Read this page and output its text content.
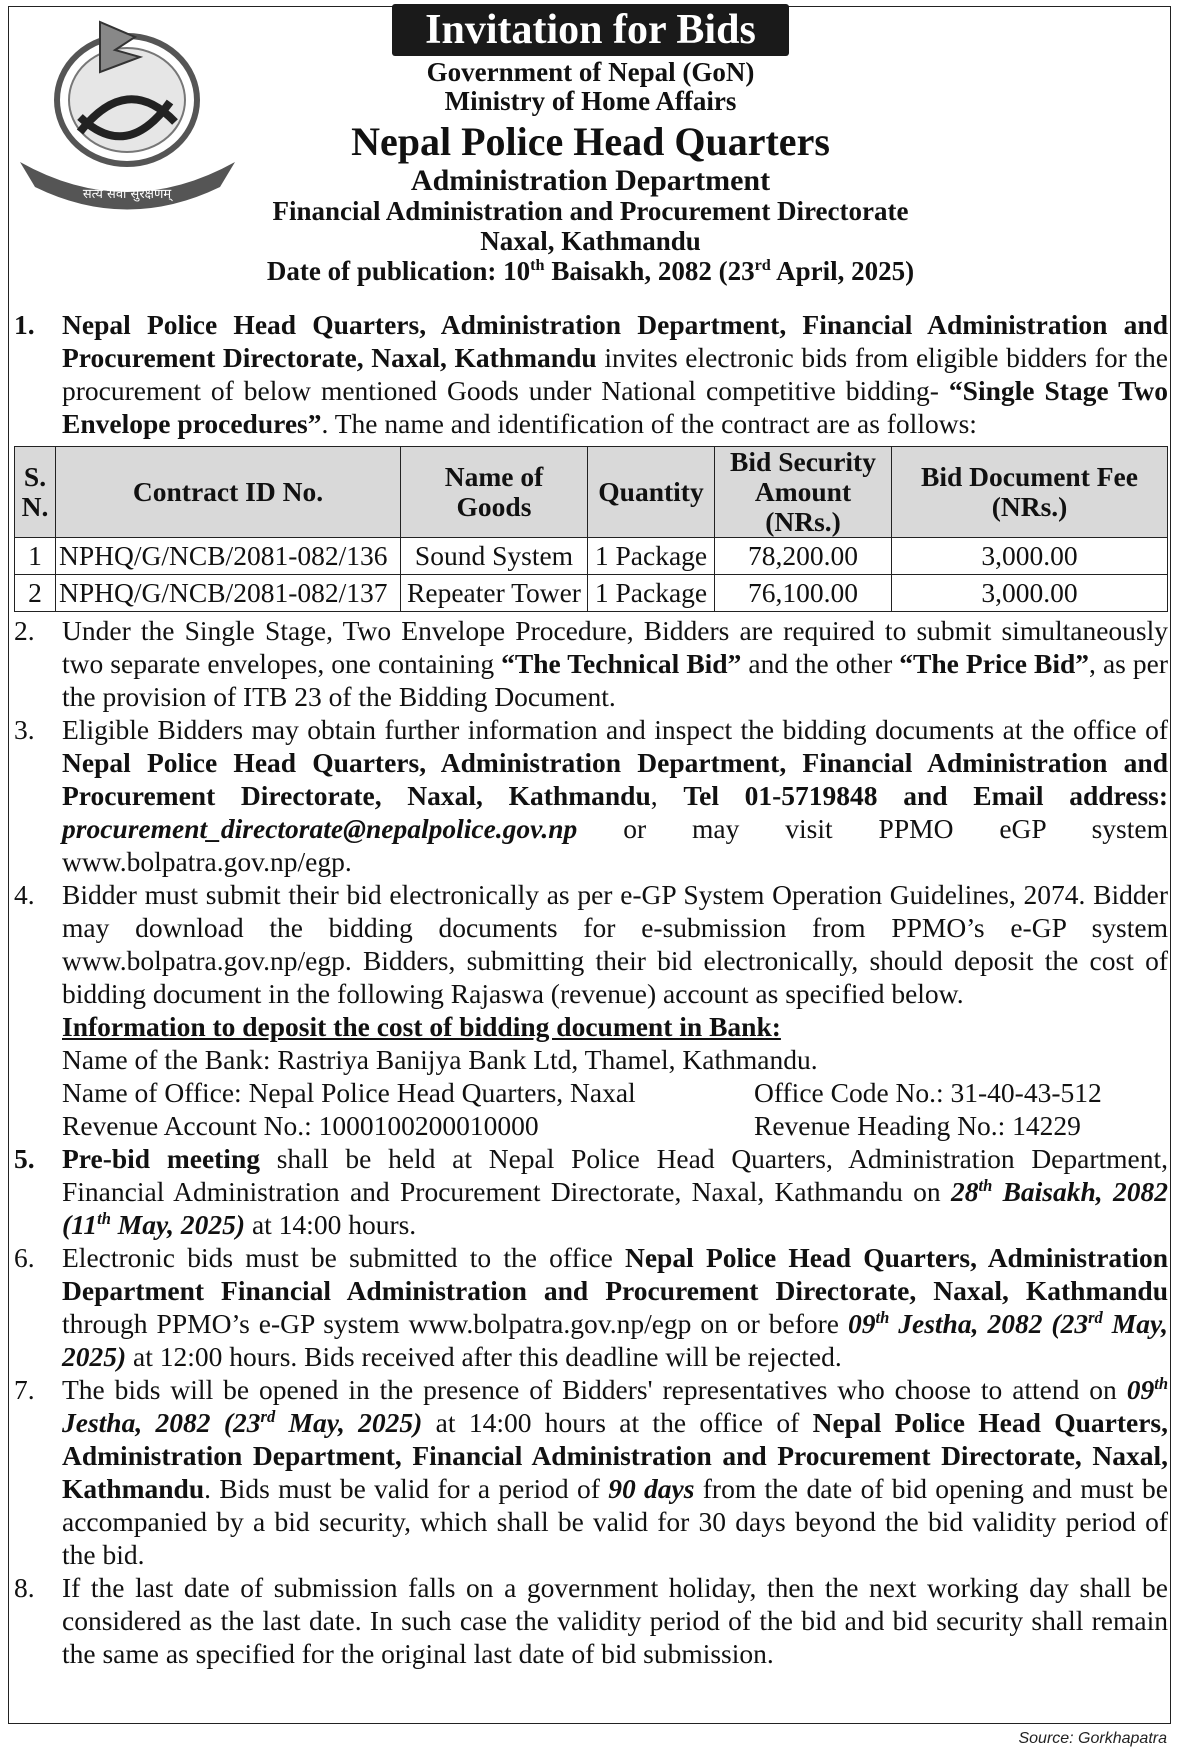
Invitation for Bids
नेपाल प्रहरी
सत्य सेवा सुरक्षणम्
Government of Nepal (GoN)
Ministry of Home Affairs
Nepal Police Head Quarters
Administration Department
Financial Administration and Procurement Directorate
Naxal, Kathmandu
Date of publication: 10th Baisakh, 2082 (23rd April, 2025)
1. Nepal Police Head Quarters, Administration Department, Financial Administration and Procurement Directorate, Naxal, Kathmandu invites electronic bids from eligible bidders for the procurement of below mentioned Goods under National competitive bidding- “Single Stage Two Envelope procedures”. The name and identification of the contract are as follows:
S. N.	Contract ID No.	Name of Goods	Quantity	Bid Security Amount (NRs.)	Bid Document Fee (NRs.)
1	NPHQ/G/NCB/2081-082/136	Sound System	1 Package	78,200.00	3,000.00
2	NPHQ/G/NCB/2081-082/137	Repeater Tower	1 Package	76,100.00	3,000.00
2. Under the Single Stage, Two Envelope Procedure, Bidders are required to submit simultaneously two separate envelopes, one containing “The Technical Bid” and the other “The Price Bid”, as per the provision of ITB 23 of the Bidding Document.
3. Eligible Bidders may obtain further information and inspect the bidding documents at the office of Nepal Police Head Quarters, Administration Department, Financial Administration and Procurement Directorate, Naxal, Kathmandu, Tel 01-5719848 and Email address: procurement_directorate@nepalpolice.gov.np or may visit PPMO eGP system www.bolpatra.gov.np/egp.
4. Bidder must submit their bid electronically as per e-GP System Operation Guidelines, 2074. Bidder may download the bidding documents for e-submission from PPMO’s e-GP system www.bolpatra.gov.np/egp. Bidders, submitting their bid electronically, should deposit the cost of bidding document in the following Rajaswa (revenue) account as specified below.
Information to deposit the cost of bidding document in Bank:
Name of the Bank: Rastriya Banijya Bank Ltd, Thamel, Kathmandu.
Name of Office: Nepal Police Head Quarters, Naxal	Office Code No.: 31-40-43-512
Revenue Account No.: 1000100200010000	Revenue Heading No.: 14229
5. Pre-bid meeting shall be held at Nepal Police Head Quarters, Administration Department, Financial Administration and Procurement Directorate, Naxal, Kathmandu on 28th Baisakh, 2082 (11th May, 2025) at 14:00 hours.
6. Electronic bids must be submitted to the office Nepal Police Head Quarters, Administration Department Financial Administration and Procurement Directorate, Naxal, Kathmandu through PPMO’s e-GP system www.bolpatra.gov.np/egp on or before 09th Jestha, 2082 (23rd May, 2025) at 12:00 hours. Bids received after this deadline will be rejected.
7. The bids will be opened in the presence of Bidders' representatives who choose to attend on 09th Jestha, 2082 (23rd May, 2025) at 14:00 hours at the office of Nepal Police Head Quarters, Administration Department, Financial Administration and Procurement Directorate, Naxal, Kathmandu. Bids must be valid for a period of 90 days from the date of bid opening and must be accompanied by a bid security, which shall be valid for 30 days beyond the bid validity period of the bid.
8. If the last date of submission falls on a government holiday, then the next working day shall be considered as the last date. In such case the validity period of the bid and bid security shall remain the same as specified for the original last date of bid submission.
Source: Gorkhapatra
